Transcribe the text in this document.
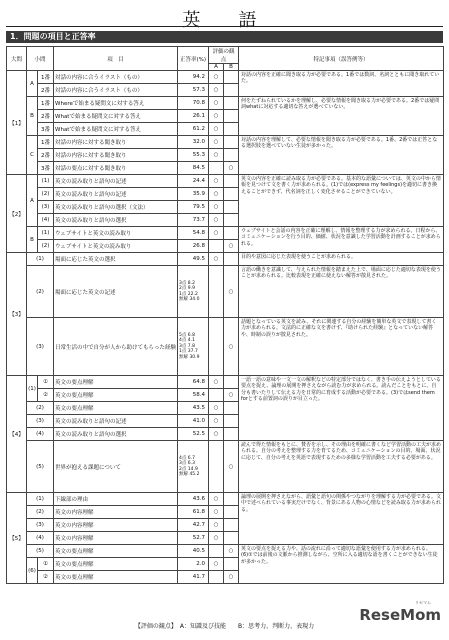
英　語
1．問題の項目と正答率
大問	小問		項　目	正答率(%)	評価の観点		特記事項（誤答例等）
					A	B	
【1】	A	1番	対話の内容に合うイラスト（もの）	94.2	○		対話の内容を正確に聞き取る力が必要である。1番では数詞、名詞とともに聞き取れていた。
		2番	対話の内容に合うイラスト（もの）	57.3	○		
	B	1番	Whereで始まる疑問文に対する答え	70.8	○		何をたずねられているかを理解し、必要な情報を聞き取る力が必要である。2番では疑問詞whatに対応する適切な答えが選べていない。
		2番	Whatで始まる疑問文に対する答え	26.1	○		
		3番	Whatで始まる疑問文に対する答え	61.2	○		
	C	1番	対話の内容に対する聞き取り	32.0	○		対話の内容を理解して、必要な情報を聞き取る力が必要である。1番、2番では正答となる選択肢を選べていない生徒が多かった。
		2番	対話の内容に対する聞き取り	55.3	○		
		3番	対話の要点に対する聞き取り	84.5		○	
【2】	A	(1)	英文の読み取りと語句の記述	24.4	○		英文の内容を正確に読み取る力が必要である。基本的な語彙については、英文の中から情報を見つけて文を書く力が求められる。(1)では(express my feelings)を適切に書き換えることができず、代名詞を正しく変化させることができていない。
		(2)	英文の読み取りと語句の記述	35.9	○		
		(3)	英文の読み取りと語句の選択（文法）	79.5	○		
		(4)	英文の読み取りと語句の選択	73.7	○		
	B	(1)	ウェブサイトと英文の読み取り	54.8	○		ウェブサイトと会話の内容を正確に理解し、情報を整理する力が求められる。日程から、コミュニケーションを行う目的、価値、状況を意識した学習活動を計画することが求められる。
		(2)	ウェブサイトと英文の読み取り	26.8		○	
【3】	(1)		場面に応じた英文の選択	49.5	○		目的や意図に応じた表現を使うことが求められる。
	(2)		場面に応じた英文の記述	3点 8.2
2点 9.9
1点 22.2
無解 34.0		○	言語の働きを意識して、与えられた情報を踏まえた上で、場面に応じた適切な表現を使うことが求められる。比較表現を正確に使えない解答が散見された。
	(3)		日常生活の中で自分が人から助けてもらった経験	5点 6.8
4点 4.1
3点 7.8
1点 37.7
無解 30.9		○	話題となっている英文を読み、それに関連する自分の経験を簡単な英文で表現して書く力が求められる。文法的に正確な文を書けず、『助けられた経験』となっていない解答や、時制の誤りが散見された。
【4】	(1)	①	英文の要点理解	64.8	○		一語一語の意味や一文一文の解釈などの特定部分ではなく、書き手の伝えようとしている要点を捉え、論理の展開を押さえながら読む力が求められる。読んだことをもとに、自分も書いたりして伝える力を日常的に育成する活動が必要である。(3)ではsend them forとする前置詞の誤りが目立った。
		②	英文の要点理解	58.4		○	
	(2)		英文の要点理解	43.5	○		
	(3)		英文の読み取りと語句の記述	41.0	○		
	(4)		英文の読み取りと語句の選択	52.5	○		
	(5)		世界が抱える課題について	4点 6.7
3点 6.3
2点 14.9
無解 45.2		○	読んで得た情報をもとに、賛否を示し、その理由を明確に書くなど学習活動の工夫が求められる。自分の考えを整理する力を育てるため、コミュニケーションの目的、場面、状況に応じて、自分の考えを英語で表現するための多様な学習活動を工夫する必要がある。
【5】	(1)		下線部の理由	43.6	○		論理の展開を押さえながら、語彙と語句の関係やつながりを理解する力が必要である。文中で述べられている事実だけでなく、背景にある人物の心情などを読み取る力が求められる。
	(2)		英文の内容理解	61.8	○		
	(3)		英文の内容理解	42.7	○		
	(4)		英文の内容理解	52.7	○		
	(5)		英文の要点理解	40.5		○	英文の要点を捉える力や、話の流れに沿って適切な語彙を使用する力が求められる。(6)①では前後の文脈から推測しながら、空所に入る適切な語を書くことができない生徒が多かった。
	(6)	①	英文の要点理解	2.0	○		
		②	英文の要点理解	41.7		○	
【評価の観点】　A：知識及び技能　　B：思考力、判断力、表現力
リセマム
ReseMom
